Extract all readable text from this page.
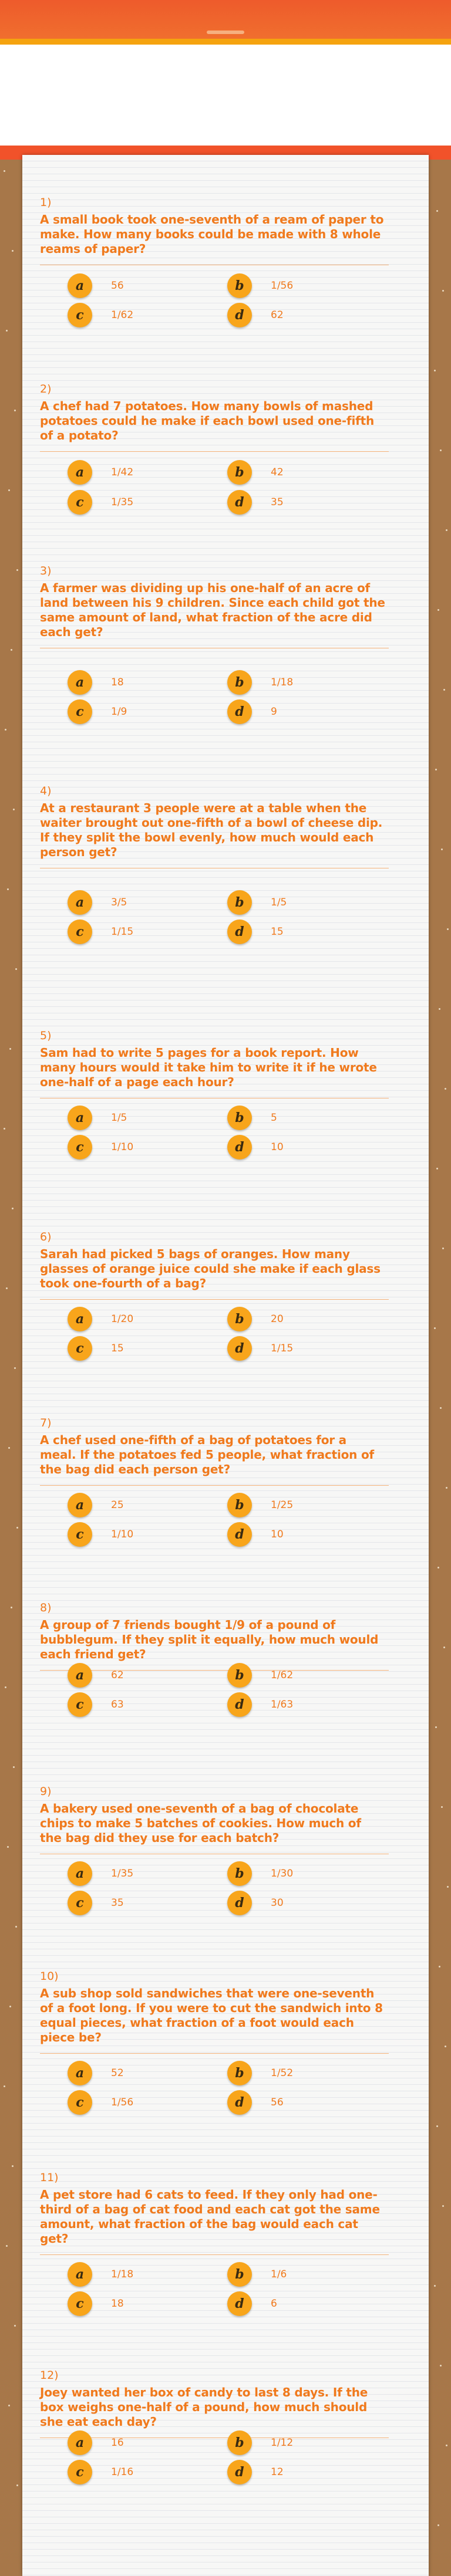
1)
A small book took one-seventh of a ream of paper to make. How many books could be made with 8 whole reams of paper?
a	56	b	1/56
c	1/62	d	62
2)
A chef had 7 potatoes. How many bowls of mashed potatoes could he make if each bowl used one-fifth of a potato?
a	1/42	b	42
c	1/35	d	35
3)
A farmer was dividing up his one-half of an acre of land between his 9 children. Since each child got the same amount of land, what fraction of the acre did each get?
a	18	b	1/18
c	1/9	d	9
4)
At a restaurant 3 people were at a table when the waiter brought out one-fifth of a bowl of cheese dip. If they split the bowl evenly, how much would each person get?
a	3/5	b	1/5
c	1/15	d	15
5)
Sam had to write 5 pages for a book report. How many hours would it take him to write it if he wrote one-half of a page each hour?
a	1/5	b	5
c	1/10	d	10
6)
Sarah had picked 5 bags of oranges. How many glasses of orange juice could she make if each glass took one-fourth of a bag?
a	1/20	b	20
c	15	d	1/15
7)
A chef used one-fifth of a bag of potatoes for a meal. If the potatoes fed 5 people, what fraction of the bag did each person get?
a	25	b	1/25
c	1/10	d	10
8)
A group of 7 friends bought 1/9 of a pound of bubblegum. If they split it equally, how much would each friend get?
a	62	b	1/62
c	63	d	1/63
9)
A bakery used one-seventh of a bag of chocolate chips to make 5 batches of cookies. How much of the bag did they use for each batch?
a	1/35	b	1/30
c	35	d	30
10)
A sub shop sold sandwiches that were one-seventh of a foot long. If you were to cut the sandwich into 8 equal pieces, what fraction of a foot would each piece be?
a	52	b	1/52
c	1/56	d	56
11)
A pet store had 6 cats to feed. If they only had one-third of a bag of cat food and each cat got the same amount, what fraction of the bag would each cat get?
a	1/18	b	1/6
c	18	d	6
12)
Joey wanted her box of candy to last 8 days. If the box weighs one-half of a pound, how much should she eat each day?
a	16	b	1/12
c	1/16	d	12
